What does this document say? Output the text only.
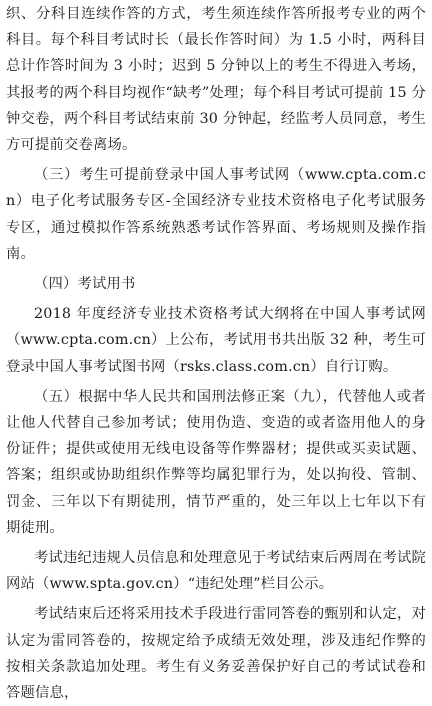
织、分科目连续作答的方式，考生须连续作答所报考专业的两个科目。每个科目考试时长（最长作答时间）为 1.5 小时，两科目总计作答时间为 3 小时；迟到 5 分钟以上的考生不得进入考场，其报考的两个科目均视作“缺考”处理；每个科目考试可提前 15 分钟交卷，两个科目考试结束前 30 分钟起，经监考人员同意，考生方可提前交卷离场。

（三）考生可提前登录中国人事考试网（www.cpta.com.cn）电子化考试服务专区-全国经济专业技术资格电子化考试服务专区，通过模拟作答系统熟悉考试作答界面、考场规则及操作指南。

（四）考试用书

2018 年度经济专业技术资格考试大纲将在中国人事考试网（www.cpta.com.cn）上公布，考试用书共出版 32 种，考生可登录中国人事考试图书网（rsks.class.com.cn）自行订购。

（五）根据中华人民共和国刑法修正案（九），代替他人或者让他人代替自己参加考试；使用伪造、变造的或者盗用他人的身份证件；提供或使用无线电设备等作弊器材；提供或买卖试题、答案；组织或协助组织作弊等均属犯罪行为，处以拘役、管制、罚金、三年以下有期徒刑，情节严重的，处三年以上七年以下有期徒刑。

考试违纪违规人员信息和处理意见于考试结束后两周在考试院网站（www.spta.gov.cn）“违纪处理”栏目公示。

考试结束后还将采用技术手段进行雷同答卷的甄别和认定，对认定为雷同答卷的，按规定给予成绩无效处理，涉及违纪作弊的按相关条款追加处理。考生有义务妥善保护好自己的考试试卷和答题信息，
